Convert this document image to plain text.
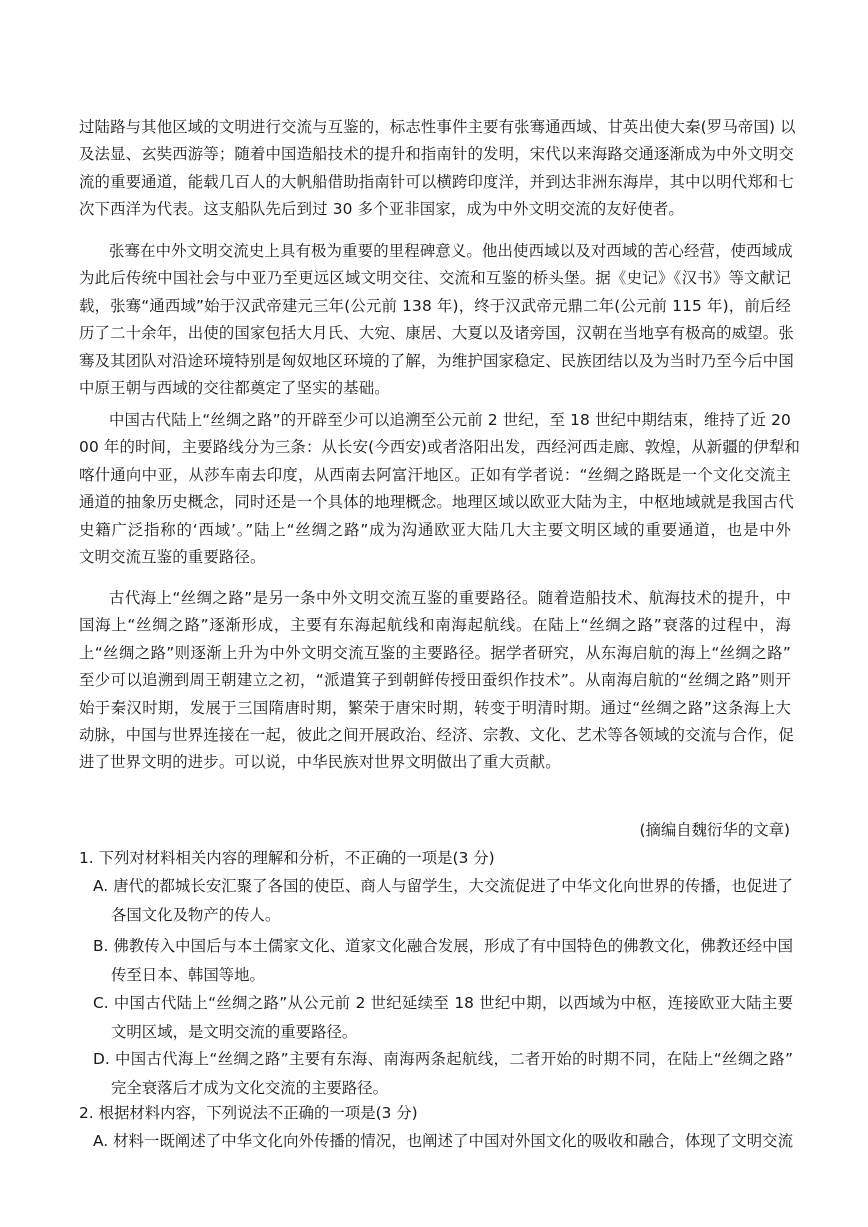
过陆路与其他区域的文明进行交流与互鉴的，标志性事件主要有张骞通西域、甘英出使大秦(罗马帝国) 以
及法显、玄奘西游等；随着中国造船技术的提升和指南针的发明，宋代以来海路交通逐渐成为中外文明交
流的重要通道，能载几百人的大帆船借助指南针可以横跨印度洋，并到达非洲东海岸，其中以明代郑和七
次下西洋为代表。这支船队先后到过 30 多个亚非国家，成为中外文明交流的友好使者。

张骞在中外文明交流史上具有极为重要的里程碑意义。他出使西域以及对西域的苦心经营，使西域成
为此后传统中国社会与中亚乃至更远区域文明交往、交流和互鉴的桥头堡。据《史记》《汉书》等文献记
载，张骞“通西域”始于汉武帝建元三年(公元前 138 年)，终于汉武帝元鼎二年(公元前 115 年)，前后经
历了二十余年，出使的国家包括大月氏、大宛、康居、大夏以及诸旁国，汉朝在当地享有极高的威望。张
骞及其团队对沿途环境特别是匈奴地区环境的了解，为维护国家稳定、民族团结以及为当时乃至今后中国
中原王朝与西域的交往都奠定了坚实的基础。

中国古代陆上“丝绸之路”的开辟至少可以追溯至公元前 2 世纪，至 18 世纪中期结束，维持了近 20
00 年的时间，主要路线分为三条：从长安(今西安)或者洛阳出发，西经河西走廊、敦煌，从新疆的伊犁和
喀什通向中亚，从莎车南去印度，从西南去阿富汗地区。正如有学者说：“丝绸之路既是一个文化交流主
通道的抽象历史概念，同时还是一个具体的地理概念。地理区域以欧亚大陆为主，中枢地域就是我国古代
史籍广泛指称的‘西域’。”陆上“丝绸之路”成为沟通欧亚大陆几大主要文明区域的重要通道，也是中外
文明交流互鉴的重要路径。

古代海上“丝绸之路”是另一条中外文明交流互鉴的重要路径。随着造船技术、航海技术的提升，中
国海上“丝绸之路”逐渐形成，主要有东海起航线和南海起航线。在陆上“丝绸之路”衰落的过程中，海
上“丝绸之路”则逐渐上升为中外文明交流互鉴的主要路径。据学者研究，从东海启航的海上“丝绸之路”
至少可以追溯到周王朝建立之初，“派遣箕子到朝鲜传授田蚕织作技术”。从南海启航的“丝绸之路”则开
始于秦汉时期，发展于三国隋唐时期，繁荣于唐宋时期，转变于明清时期。通过“丝绸之路”这条海上大
动脉，中国与世界连接在一起，彼此之间开展政治、经济、宗教、文化、艺术等各领域的交流与合作，促
进了世界文明的进步。可以说，中华民族对世界文明做出了重大贡献。

(摘编自魏衍华的文章)

1. 下列对材料相关内容的理解和分析，不正确的一项是(3 分)

A. 唐代的都城长安汇聚了各国的使臣、商人与留学生，大交流促进了中华文化向世界的传播，也促进了
各国文化及物产的传人。

B. 佛教传入中国后与本土儒家文化、道家文化融合发展，形成了有中国特色的佛教文化，佛教还经中国
传至日本、韩国等地。

C. 中国古代陆上“丝绸之路”从公元前 2 世纪延续至 18 世纪中期，以西域为中枢，连接欧亚大陆主要
文明区域，是文明交流的重要路径。

D. 中国古代海上“丝绸之路”主要有东海、南海两条起航线，二者开始的时期不同，在陆上“丝绸之路”
完全衰落后才成为文化交流的主要路径。

2. 根据材料内容，下列说法不正确的一项是(3 分)

A. 材料一既阐述了中华文化向外传播的情况，也阐述了中国对外国文化的吸收和融合，体现了文明交流
